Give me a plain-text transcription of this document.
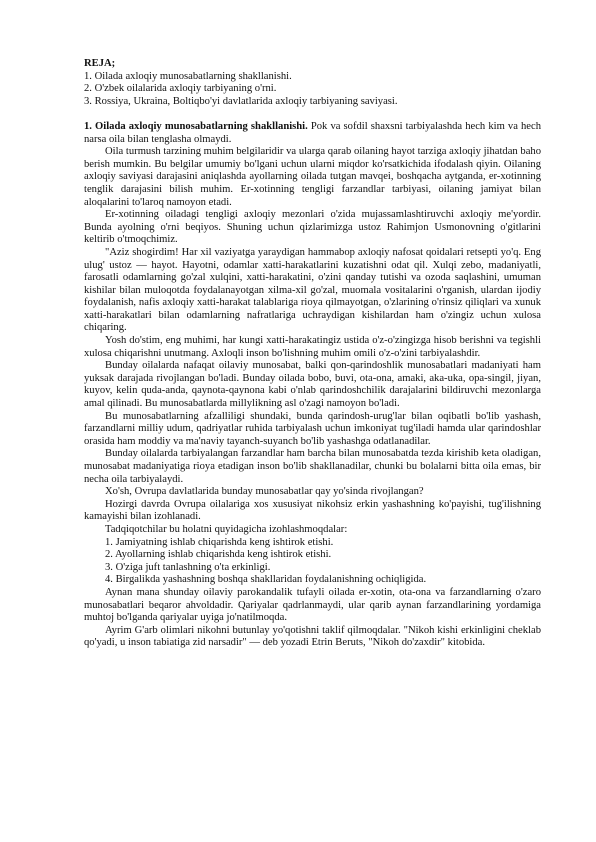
REJA;
1. Oilada axloqiy munosabatlarning shakllanishi.
2. O'zbek oilalarida axloqiy tarbiyaning o'rni.
3. Rossiya, Ukraina, Boltiqbo'yi davlatlarida axloqiy tarbiyaning saviyasi.

1. Oilada axloqiy munosabatlarning shakllanishi. Pok va sofdil shaxsni tarbiyalashda hech kim va hech narsa oila bilan tenglasha olmaydi.

Oila turmush tarzining muhim belgilaridir va ularga qarab oilaning hayot tarziga axloqiy jihatdan baho berish mumkin. Bu belgilar umumiy bo'lgani uchun ularni miqdor ko'rsatkichida ifodalash qiyin. Oilaning axloqiy saviyasi darajasini aniqlashda ayollarning oilada tutgan mavqei, boshqacha aytganda, er-xotinning tenglik darajasini bilish muhim. Er-xotinning tengligi farzandlar tarbiyasi, oilaning jamiyat bilan aloqalarini to'laroq namoyon etadi.

Er-xotinning oiladagi tengligi axloqiy mezonlari o'zida mujassamlashtiruvchi axloqiy me'yordir. Bunda ayolning o'rni beqiyos. Shuning uchun qizlarimizga ustoz Rahimjon Usmonovning o'gitlarini keltirib o'tmoqchimiz.

"Aziz shogirdim! Har xil vaziyatga yaraydigan hammabop axloqiy nafosat qoidalari retsepti yo'q. Eng ulug' ustoz — hayot. Hayotni, odamlar xatti-harakatlarini kuzatishni odat qil. Xulqi zebo, madaniyatli, farosatli odamlarning go'zal xulqini, xatti-harakatini, o'zini qanday tutishi va ozoda saqlashini, umuman kishilar bilan muloqotda foydalanayotgan xilma-xil go'zal, muomala vositalarini o'rganish, ulardan ijodiy foydalanish, nafis axloqiy xatti-harakat talablariga rioya qilmayotgan, o'zlarining o'rinsiz qiliqlari va xunuk xatti-harakatlari bilan odamlarning nafratlariga uchraydigan kishilardan ham o'zingiz uchun xulosa chiqaring.

Yosh do'stim, eng muhimi, har kungi xatti-harakatingiz ustida o'z-o'zingizga hisob berishni va tegishli xulosa chiqarishni unutmang. Axloqli inson bo'lishning muhim omili o'z-o'zini tarbiyalashdir.

Bunday oilalarda nafaqat oilaviy munosabat, balki qon-qarindoshlik munosabatlari madaniyati ham yuksak darajada rivojlangan bo'ladi. Bunday oilada bobo, buvi, ota-ona, amaki, aka-uka, opa-singil, jiyan, kuyov, kelin quda-anda, qaynota-qaynona kabi o'nlab qarindoshchilik darajalarini bildiruvchi mezonlarga amal qilinadi. Bu munosabatlarda millylikning asl o'zagi namoyon bo'ladi.

Bu munosabatlarning afzalliligi shundaki, bunda qarindosh-urug'lar bilan oqibatli bo'lib yashash, farzandlarni milliy udum, qadriyatlar ruhida tarbiyalash uchun imkoniyat tug'iladi hamda ular qarindoshlar orasida ham moddiy va ma'naviy tayanch-suyanch bo'lib yashashga odatlanadilar.

Bunday oilalarda tarbiyalangan farzandlar ham barcha bilan munosabatda tezda kirishib keta oladigan, munosabat madaniyatiga rioya etadigan inson bo'lib shakllanadilar, chunki bu bolalarni bitta oila emas, bir necha oila tarbiyalaydi.

Xo'sh, Ovrupa davlatlarida bunday munosabatlar qay yo'sinda rivojlangan?

Hozirgi davrda Ovrupa oilalariga xos xususiyat nikohsiz erkin yashashning ko'payishi, tug'ilishning kamayishi bilan izohlanadi.

Tadqiqotchilar bu holatni quyidagicha izohlashmoqdalar:

1. Jamiyatning ishlab chiqarishda keng ishtirok etishi.

2. Ayollarning ishlab chiqarishda keng ishtirok etishi.

3. O'ziga juft tanlashning o'ta erkinligi.

4. Birgalikda yashashning boshqa shakllaridan foydalanishning ochiqligida.

Aynan mana shunday oilaviy parokandalik tufayli oilada er-xotin, ota-ona va farzandlarning o'zaro munosabatlari beqaror ahvoldadir. Qariyalar qadrlanmaydi, ular qarib aynan farzandlarining yordamiga muhtoj bo'lganda qariyalar uyiga jo'natilmoqda.

Ayrim G'arb olimlari nikohni butunlay yo'qotishni taklif qilmoqdalar. "Nikoh kishi erkinligini cheklab qo'yadi, u inson tabiatiga zid narsadir" — deb yozadi Etrin Beruts, "Nikoh do'zaxdir" kitobida.
